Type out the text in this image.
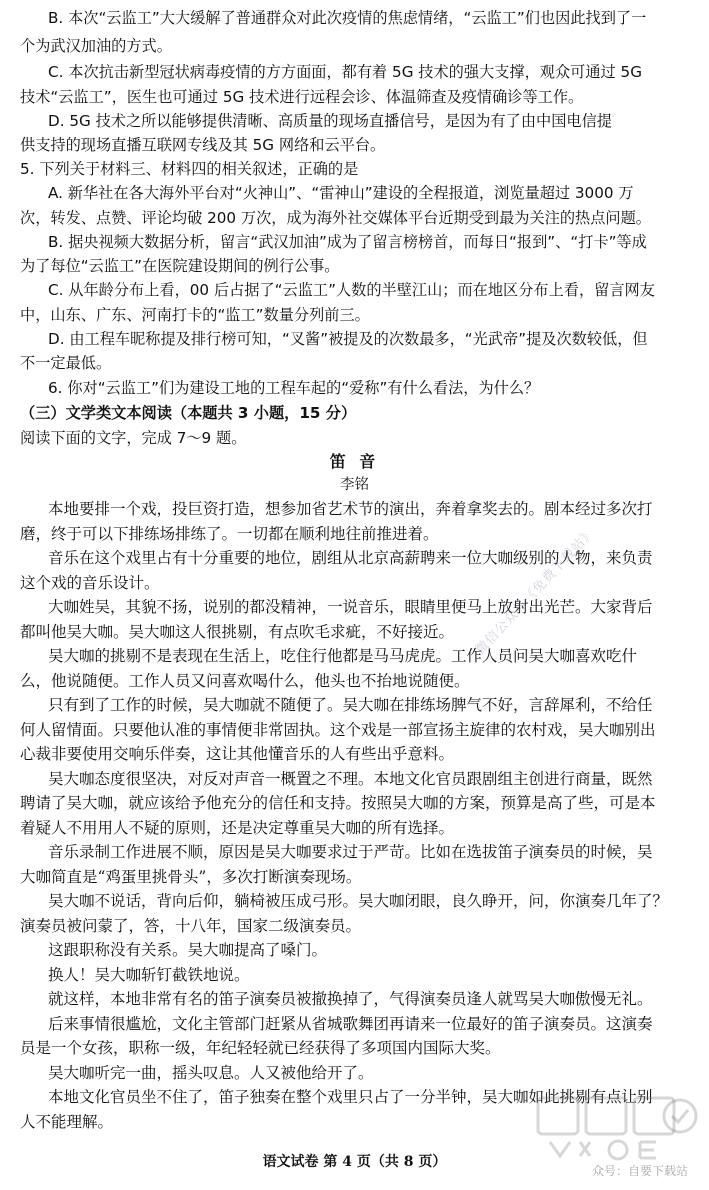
B. 本次“云监工”大大缓解了普通群众对此次疫情的焦虑情绪，“云监工”们也因此找到了一
个为武汉加油的方式。
C. 本次抗击新型冠状病毒疫情的方方面面，都有着 5G 技术的强大支撑，观众可通过 5G
技术“云监工”，医生也可通过 5G 技术进行远程会诊、体温筛查及疫情确诊等工作。
D. 5G 技术之所以能够提供清晰、高质量的现场直播信号，是因为有了由中国电信提
供支持的现场直播互联网专线及其 5G 网络和云平台。
5. 下列关于材料三、材料四的相关叙述，正确的是
A. 新华社在各大海外平台对“火神山”、“雷神山”建设的全程报道，浏览量超过 3000 万
次，转发、点赞、评论均破 200 万次，成为海外社交媒体平台近期受到最为关注的热点问题。
B. 据央视频大数据分析，留言“武汉加油”成为了留言榜榜首，而每日“报到”、“打卡”等成
为了每位“云监工”在医院建设期间的例行公事。
C. 从年龄分布上看，00 后占据了“云监工”人数的半壁江山；而在地区分布上看，留言网友
中，山东、广东、河南打卡的“监工”数量分列前三。
D. 由工程车昵称提及排行榜可知，“叉酱”被提及的次数最多，“光武帝”提及次数较低，但
不一定最低。
6. 你对“云监工”们为建设工地的工程车起的“爱称”有什么看法，为什么？
（三）文学类文本阅读（本题共 3 小题，15 分）
阅读下面的文字，完成 7～9 题。
笛 音
李铭
本地要排一个戏，投巨资打造，想参加省艺术节的演出，奔着拿奖去的。剧本经过多次打
磨，终于可以下排练场排练了。一切都在顺利地往前推进着。
音乐在这个戏里占有十分重要的地位，剧组从北京高薪聘来一位大咖级别的人物，来负责
这个戏的音乐设计。
大咖姓吴，其貌不扬，说别的都没精神，一说音乐，眼睛里便马上放射出光芒。大家背后
都叫他吴大咖。吴大咖这人很挑剔，有点吹毛求疵，不好接近。
吴大咖的挑剔不是表现在生活上，吃住行他都是马马虎虎。工作人员问吴大咖喜欢吃什
么，他说随便。工作人员又问喜欢喝什么，他头也不抬地说随便。
只有到了工作的时候，吴大咖就不随便了。吴大咖在排练场脾气不好，言辞犀利，不给任
何人留情面。只要他认准的事情便非常固执。这个戏是一部宣扬主旋律的农村戏，吴大咖别出
心裁非要使用交响乐伴奏，这让其他懂音乐的人有些出乎意料。
吴大咖态度很坚决，对反对声音一概置之不理。本地文化官员跟剧组主创进行商量，既然
聘请了吴大咖，就应该给予他充分的信任和支持。按照吴大咖的方案，预算是高了些，可是本
着疑人不用用人不疑的原则，还是决定尊重吴大咖的所有选择。
音乐录制工作进展不顺，原因是吴大咖要求过于严苛。比如在选拔笛子演奏员的时候，吴
大咖简直是“鸡蛋里挑骨头”，多次打断演奏现场。
吴大咖不说话，背向后仰，躺椅被压成弓形。吴大咖闭眼，良久睁开，问，你演奏几年了？
演奏员被问蒙了，答，十八年，国家二级演奏员。
这跟职称没有关系。吴大咖提高了嗓门。
换人！吴大咖斩钉截铁地说。
就这样，本地非常有名的笛子演奏员被撤换掉了，气得演奏员逢人就骂吴大咖傲慢无礼。
后来事情很尴尬，文化主管部门赶紧从省城歌舞团再请来一位最好的笛子演奏员。这演奏
员是一个女孩，职称一级，年纪轻轻就已经获得了多项国内国际大奖。
吴大咖听完一曲，摇头叹息。人又被他给开了。
本地文化官员坐不住了，笛子独奏在整个戏里只占了一分半钟，吴大咖如此挑剔有点让别
人不能理解。
语文试卷 第 4 页（共 8 页）
微信公众号《免费下载站》
众号：自要下载站
